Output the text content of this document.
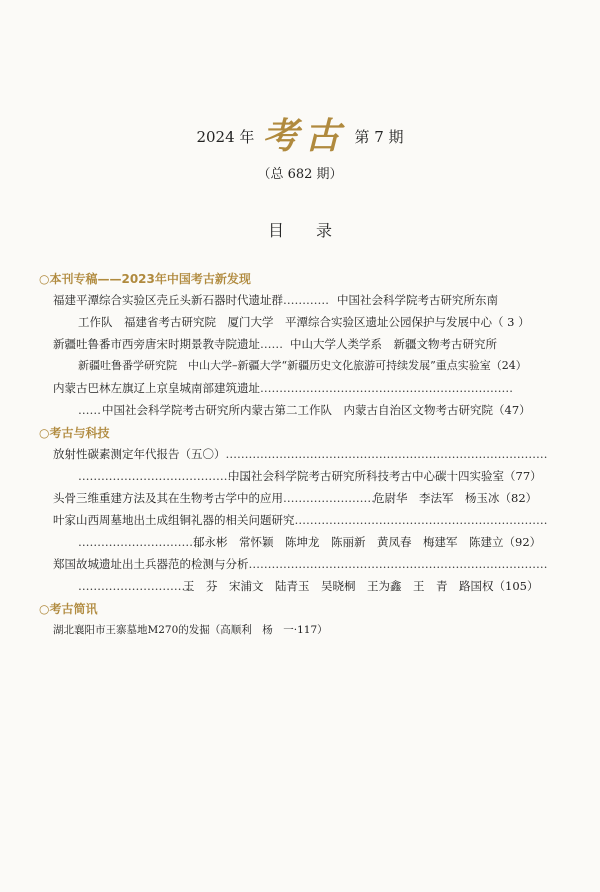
2024 年 考古 第 7 期
（总 682 期）
目录
○本刊专稿——2023年中国考古新发现
福建平潭综合实验区壳丘头新石器时代遗址群………… 中国社会科学院考古研究所东南
工作队　福建省考古研究院　厦门大学　平潭综合实验区遗址公园保护与发展中心（ 3 ）
新疆吐鲁番市西旁唐宋时期景教寺院遗址…… 中山大学人类学系　新疆文物考古研究所
新疆吐鲁番学研究院　中山大学–新疆大学“新疆历史文化旅游可持续发展”重点实验室（24）
内蒙古巴林左旗辽上京皇城南部建筑遗址…………………………………………………………
……中国社会科学院考古研究所内蒙古第二工作队　内蒙古自治区文物考古研究院（47）
○考古与科技
放射性碳素测定年代报告（五〇）…………………………………………………………………………
………………………………………中国社会科学院考古研究所科技考古中心碳十四实验室（77）
头骨三维重建方法及其在生物考古学中的应用……………………危尉华　李法军　杨玉冰（82）
叶家山西周墓地出土成组铜礼器的相关问题研究…………………………………………………………
……………………………郁永彬　常怀颖　陈坤龙　陈丽新　黄凤春　梅建军　陈建立（92）
郑国故城遗址出土兵器范的检测与分析……………………………………………………………………
…………………………王　芬　宋浦文　陆青玉　吴晓桐　王为鑫　王　青　路国权（105）
○考古简讯
湖北襄阳市王寨墓地M270的发掘（高顺利　杨　一·117）
